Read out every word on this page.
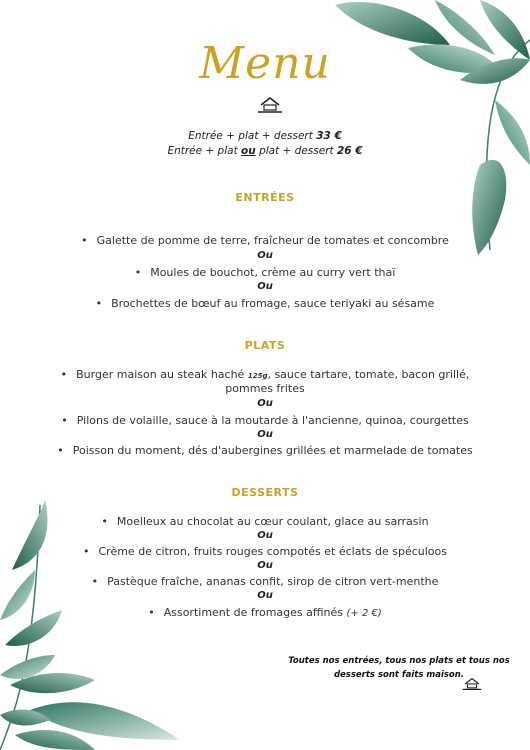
Menu
Entrée + plat + dessert 33 €
Entrée + plat ou plat + dessert 26 €
ENTRÉES
• Galette de pomme de terre, fraîcheur de tomates et concombre
Ou
• Moules de bouchot, crème au curry vert thaï
Ou
• Brochettes de bœuf au fromage, sauce teriyaki au sésame
PLATS
• Burger maison au steak haché 125g, sauce tartare, tomate, bacon grillé,
pommes frites
Ou
• Pilons de volaille, sauce à la moutarde à l'ancienne, quinoa, courgettes
Ou
• Poisson du moment, dés d'aubergines grillées et marmelade de tomates
DESSERTS
• Moelleux au chocolat au cœur coulant, glace au sarrasin
Ou
• Crème de citron, fruits rouges compotés et éclats de spéculoos
Ou
• Pastèque fraîche, ananas confit, sirop de citron vert-menthe
Ou
• Assortiment de fromages affinés (+ 2 €)
Toutes nos entrées, tous nos plats et tous nos desserts sont faits maison.
